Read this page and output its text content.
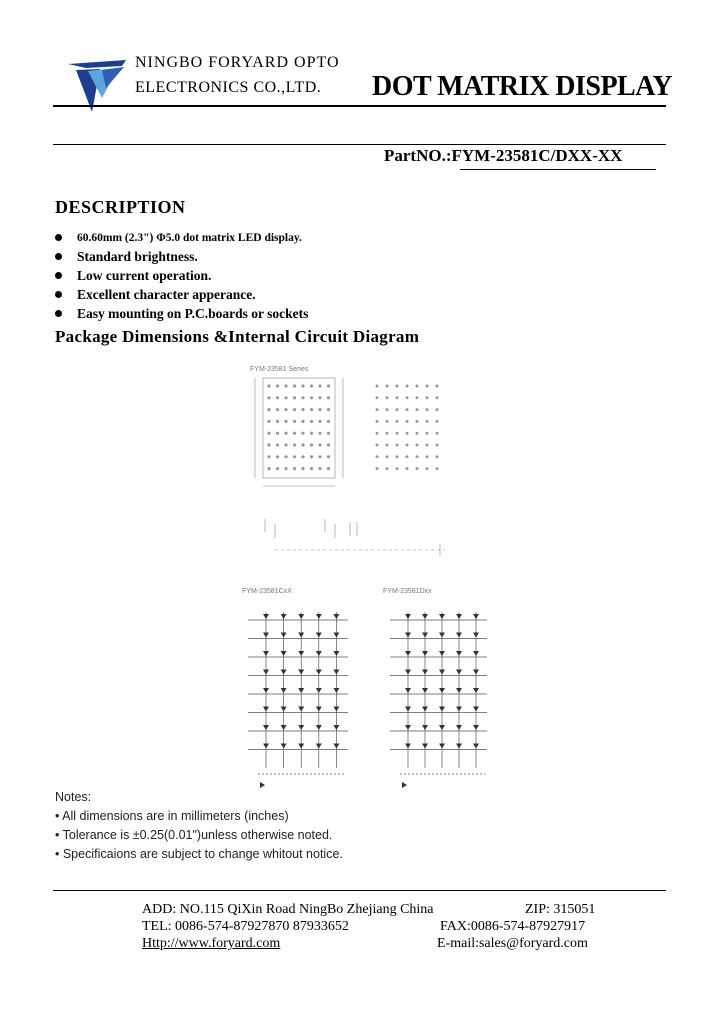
NINGBO FORYARD OPTO
ELECTRONICS CO.,LTD. DOT MATRIX DISPLAY
PartNO.:FYM-23581C/DXX-XX
DESCRIPTION
60.60mm (2.3") Φ5.0 dot matrix LED display.
Standard brightness.
Low current operation.
Excellent character apperance.
Easy mounting on P.C.boards or sockets
Package Dimensions &Internal Circuit Diagram
FYM-23581 Series
FYM-23581CxX	FYM-23581Dxx
Notes:
• All dimensions are in millimeters (inches)
• Tolerance is ±0.25(0.01")unless otherwise noted.
• Specificaions are subject to change whitout notice.
ADD: NO.115 QiXin Road NingBo Zhejiang China	ZIP: 315051
TEL: 0086-574-87927870 87933652	FAX:0086-574-87927917
Http://www.foryard.com	E-mail:sales@foryard.com
